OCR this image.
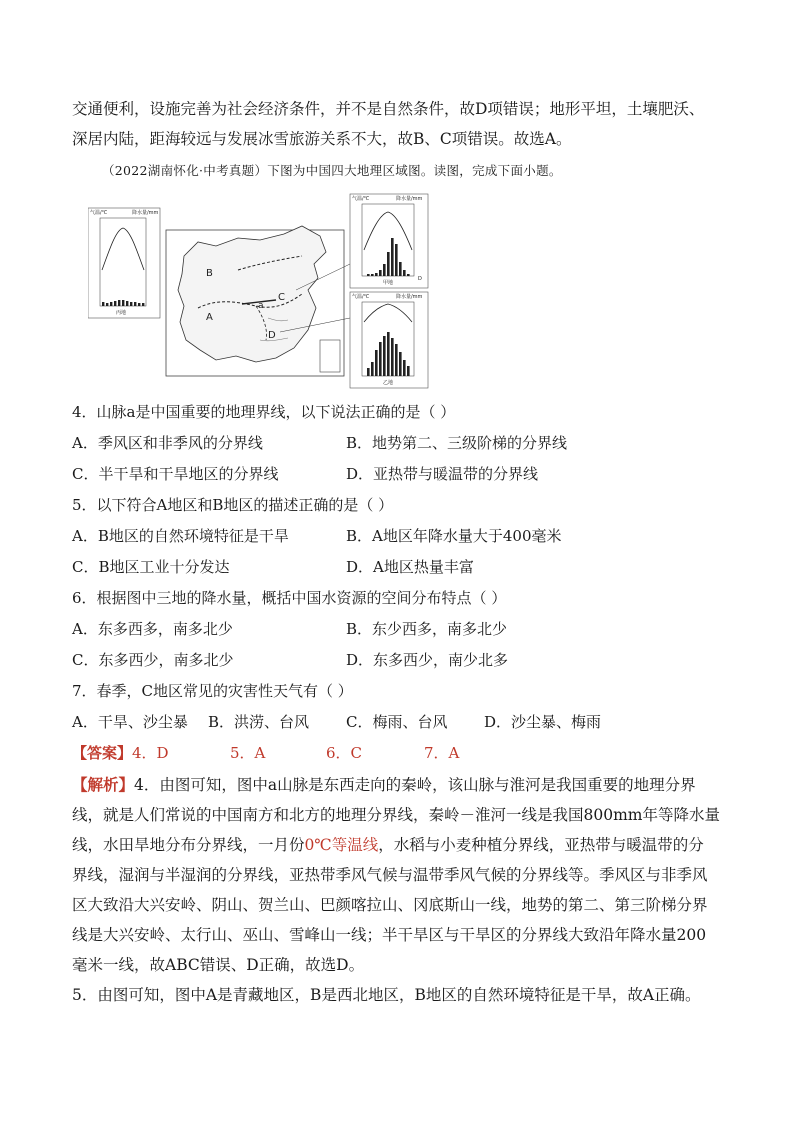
交通便利，设施完善为社会经济条件，并不是自然条件，故D项错误；地形平坦，土壤肥沃、
深居内陆，距海较远与发展冰雪旅游关系不大，故B、C项错误。故选A。
（2022湖南怀化·中考真题）下图为中国四大地理区域图。读图，完成下面小题。
气温/℃	降水量/mm
丙地
B
A
C
D
a
气温/℃	降水量/mm
甲地
D
气温/℃	降水量/mm
乙地
4．山脉a是中国重要的地理界线，以下说法正确的是（ ）
A．季风区和非季风的分界线	B．地势第二、三级阶梯的分界线
C．半干旱和干旱地区的分界线	D．亚热带与暖温带的分界线
5．以下符合A地区和B地区的描述正确的是（ ）
A．B地区的自然环境特征是干旱	B．A地区年降水量大于400毫米
C．B地区工业十分发达	D．A地区热量丰富
6．根据图中三地的降水量，概括中国水资源的空间分布特点（ ）
A．东多西多，南多北少	B．东少西多，南多北少
C．东多西少，南多北少	D．东多西少，南少北多
7．春季，C地区常见的灾害性天气有（ ）
A．干旱、沙尘暴 B．洪涝、台风 C．梅雨、台风 D．沙尘暴、梅雨
【答案】4．D	5．A	6．C	7．A
【解析】4．由图可知，图中a山脉是东西走向的秦岭，该山脉与淮河是我国重要的地理分界
线，就是人们常说的中国南方和北方的地理分界线，秦岭－淮河一线是我国800mm年等降水量
线，水田旱地分布分界线，一月份0℃等温线，水稻与小麦种植分界线，亚热带与暖温带的分
界线，湿润与半湿润的分界线，亚热带季风气候与温带季风气候的分界线等。季风区与非季风
区大致沿大兴安岭、阴山、贺兰山、巴颜喀拉山、冈底斯山一线，地势的第二、第三阶梯分界
线是大兴安岭、太行山、巫山、雪峰山一线；半干旱区与干旱区的分界线大致沿年降水量200
毫米一线，故ABC错误、D正确，故选D。
5．由图可知，图中A是青藏地区，B是西北地区，B地区的自然环境特征是干旱，故A正确。
